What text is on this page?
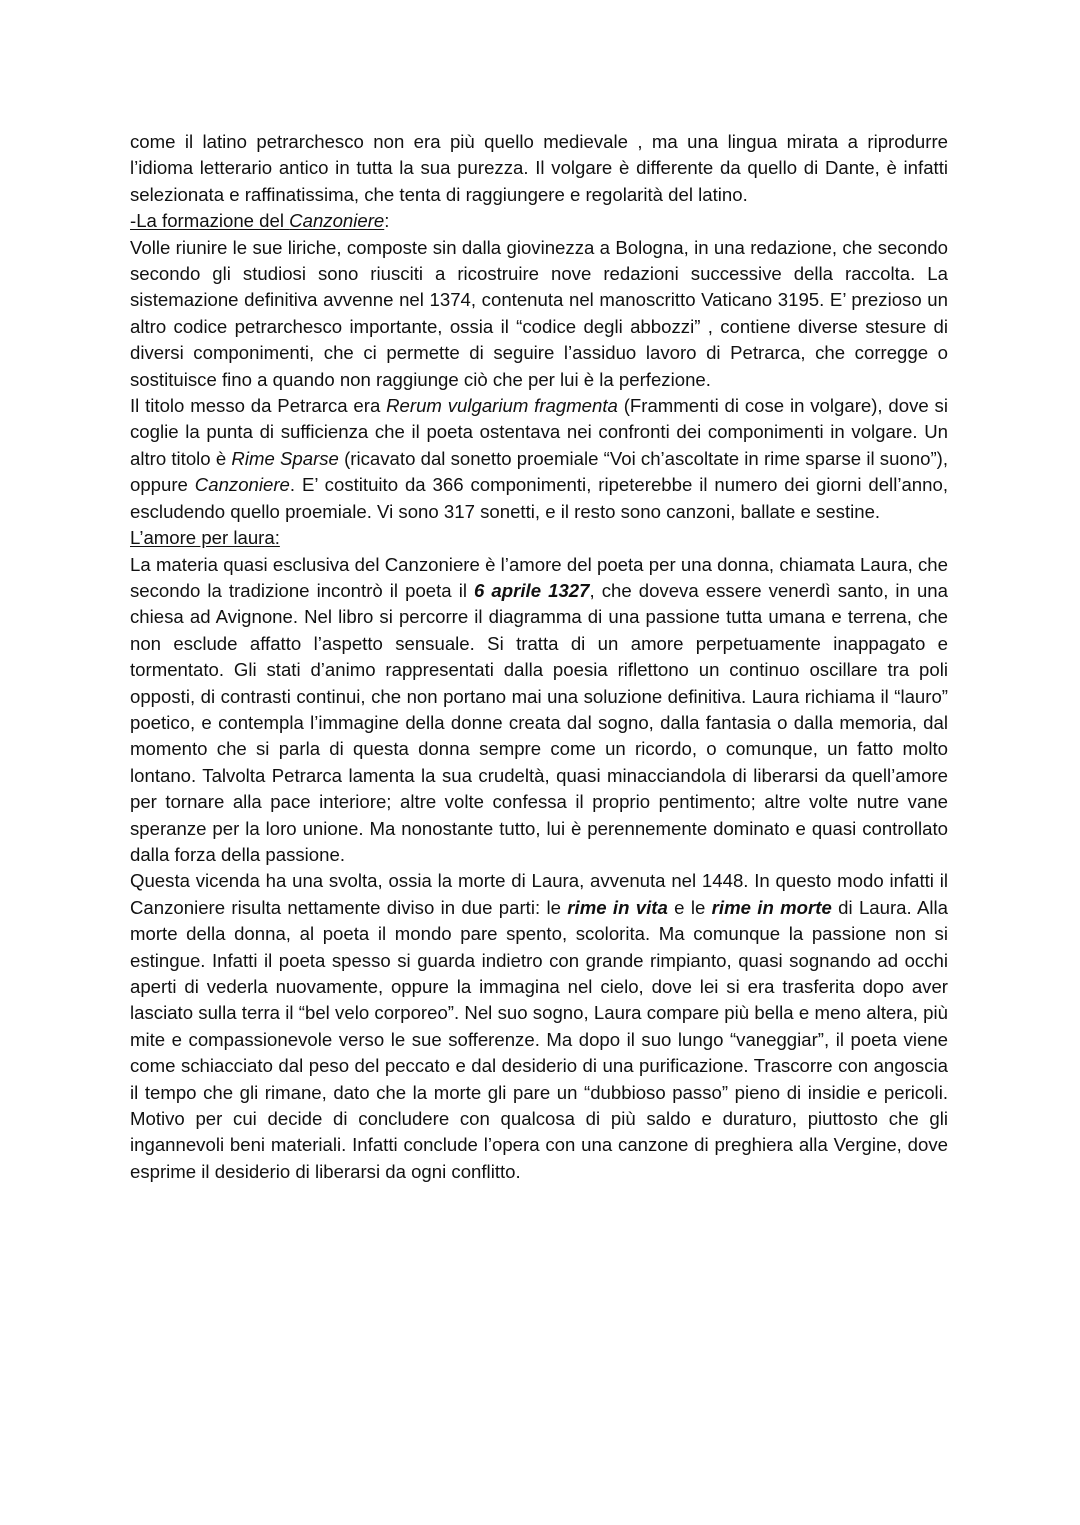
come il latino petrarchesco non era più quello medievale , ma una lingua mirata a riprodurre l’idioma letterario antico in tutta la sua purezza. Il volgare è differente da quello di Dante, è infatti selezionata e raffinatissima, che tenta di raggiungere e regolarità del latino.

-La formazione del Canzoniere:

Volle riunire le sue liriche, composte sin dalla giovinezza a Bologna, in una redazione, che secondo secondo gli studiosi sono riusciti a ricostruire nove redazioni successive della raccolta. La sistemazione definitiva avvenne nel 1374, contenuta nel manoscritto Vaticano 3195. E’ prezioso un altro codice petrarchesco importante, ossia il “codice degli abbozzi” , contiene diverse stesure di diversi componimenti, che ci permette di seguire l’assiduo lavoro di Petrarca, che corregge o sostituisce fino a quando non raggiunge ciò che per lui è la perfezione.

Il titolo messo da Petrarca era Rerum vulgarium fragmenta (Frammenti di cose in volgare), dove si coglie la punta di sufficienza che il poeta ostentava nei confronti dei componimenti in volgare. Un altro titolo è Rime Sparse (ricavato dal sonetto proemiale “Voi ch’ascoltate in rime sparse il suono”), oppure Canzoniere. E’ costituito da 366 componimenti, ripeterebbe il numero dei giorni dell’anno, escludendo quello proemiale. Vi sono 317 sonetti, e il resto sono canzoni, ballate e sestine.

L’amore per laura:

La materia quasi esclusiva del Canzoniere è l’amore del poeta per una donna, chiamata Laura, che secondo la tradizione incontrò il poeta il 6 aprile 1327, che doveva essere venerdì santo, in una chiesa ad Avignone. Nel libro si percorre il diagramma di una passione tutta umana e terrena, che non esclude affatto l’aspetto sensuale. Si tratta di un amore perpetuamente inappagato e tormentato. Gli stati d’animo rappresentati dalla poesia riflettono un continuo oscillare tra poli opposti, di contrasti continui, che non portano mai una soluzione definitiva. Laura richiama il “lauro” poetico, e contempla l’immagine della donne creata dal sogno, dalla fantasia o dalla memoria, dal momento che si parla di questa donna sempre come un ricordo, o comunque, un fatto molto lontano. Talvolta Petrarca lamenta la sua crudeltà, quasi minacciandola di liberarsi da quell’amore per tornare alla pace interiore; altre volte confessa il proprio pentimento; altre volte nutre vane speranze per la loro unione. Ma nonostante tutto, lui è perennemente dominato e quasi controllato dalla forza della passione.

Questa vicenda ha una svolta, ossia la morte di Laura, avvenuta nel 1448. In questo modo infatti il Canzoniere risulta nettamente diviso in due parti: le rime in vita e le rime in morte di Laura. Alla morte della donna, al poeta il mondo pare spento, scolorita. Ma comunque la passione non si estingue. Infatti il poeta spesso si guarda indietro con grande rimpianto, quasi sognando ad occhi aperti di vederla nuovamente, oppure la immagina nel cielo, dove lei si era trasferita dopo aver lasciato sulla terra il “bel velo corporeo”. Nel suo sogno, Laura compare più bella e meno altera, più mite e compassionevole verso le sue sofferenze. Ma dopo il suo lungo “vaneggiar”, il poeta viene come schiacciato dal peso del peccato e dal desiderio di una purificazione. Trascorre con angoscia il tempo che gli rimane, dato che la morte gli pare un “dubbioso passo” pieno di insidie e pericoli. Motivo per cui decide di concludere con qualcosa di più saldo e duraturo, piuttosto che gli ingannevoli beni materiali. Infatti conclude l’opera con una canzone di preghiera alla Vergine, dove esprime il desiderio di liberarsi da ogni conflitto.
